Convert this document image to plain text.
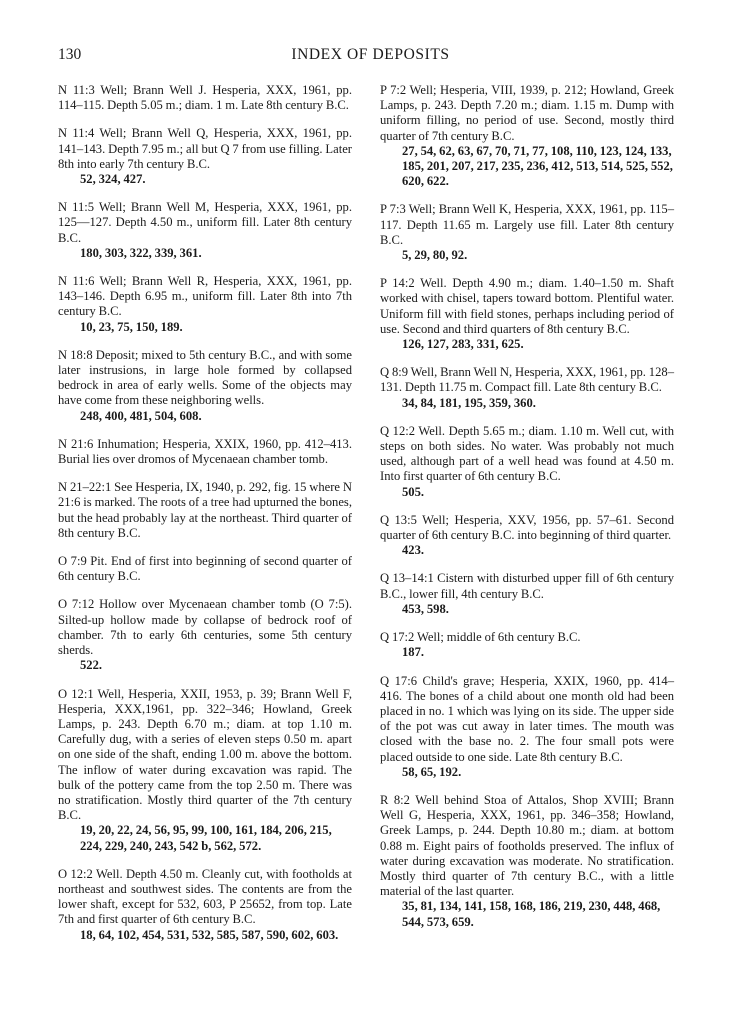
130	INDEX OF DEPOSITS
N 11:3 Well; Brann Well J. Hesperia, XXX, 1961, pp. 114–115. Depth 5.05 m.; diam. 1 m. Late 8th century B.C.
N 11:4 Well; Brann Well Q, Hesperia, XXX, 1961, pp. 141–143. Depth 7.95 m.; all but Q 7 from use filling. Later 8th into early 7th century B.C.
52, 324, 427.
N 11:5 Well; Brann Well M, Hesperia, XXX, 1961, pp. 125—127. Depth 4.50 m., uniform fill. Later 8th century B.C.
180, 303, 322, 339, 361.
N 11:6 Well; Brann Well R, Hesperia, XXX, 1961, pp. 143–146. Depth 6.95 m., uniform fill. Later 8th into 7th century B.C.
10, 23, 75, 150, 189.
N 18:8 Deposit; mixed to 5th century B.C., and with some later instrusions, in large hole formed by collapsed bedrock in area of early wells. Some of the objects may have come from these neighboring wells.
248, 400, 481, 504, 608.
N 21:6 Inhumation; Hesperia, XXIX, 1960, pp. 412–413. Burial lies over dromos of Mycenaean chamber tomb.
N 21–22:1 See Hesperia, IX, 1940, p. 292, fig. 15 where N 21:6 is marked. The roots of a tree had upturned the bones, but the head probably lay at the northeast. Third quarter of 8th century B.C.
O 7:9 Pit. End of first into beginning of second quarter of 6th century B.C.
O 7:12 Hollow over Mycenaean chamber tomb (O 7:5). Silted-up hollow made by collapse of bedrock roof of chamber. 7th to early 6th centuries, some 5th century sherds.
522.
O 12:1 Well, Hesperia, XXII, 1953, p. 39; Brann Well F, Hesperia, XXX,1961, pp. 322–346; Howland, Greek Lamps, p. 243. Depth 6.70 m.; diam. at top 1.10 m. Carefully dug, with a series of eleven steps 0.50 m. apart on one side of the shaft, ending 1.00 m. above the bottom. The inflow of water during excavation was rapid. The bulk of the pottery came from the top 2.50 m. There was no stratification. Mostly third quarter of the 7th century B.C.
19, 20, 22, 24, 56, 95, 99, 100, 161, 184, 206, 215, 224, 229, 240, 243, 542 b, 562, 572.
O 12:2 Well. Depth 4.50 m. Cleanly cut, with footholds at northeast and southwest sides. The contents are from the lower shaft, except for 532, 603, P 25652, from top. Late 7th and first quarter of 6th century B.C.
18, 64, 102, 454, 531, 532, 585, 587, 590, 602, 603.
P 7:2 Well; Hesperia, VIII, 1939, p. 212; Howland, Greek Lamps, p. 243. Depth 7.20 m.; diam. 1.15 m. Dump with uniform filling, no period of use. Second, mostly third quarter of 7th century B.C.
27, 54, 62, 63, 67, 70, 71, 77, 108, 110, 123, 124, 133, 185, 201, 207, 217, 235, 236, 412, 513, 514, 525, 552, 620, 622.
P 7:3 Well; Brann Well K, Hesperia, XXX, 1961, pp. 115–117. Depth 11.65 m. Largely use fill. Later 8th century B.C.
5, 29, 80, 92.
P 14:2 Well. Depth 4.90 m.; diam. 1.40–1.50 m. Shaft worked with chisel, tapers toward bottom. Plentiful water. Uniform fill with field stones, perhaps including period of use. Second and third quarters of 8th century B.C.
126, 127, 283, 331, 625.
Q 8:9 Well, Brann Well N, Hesperia, XXX, 1961, pp. 128–131. Depth 11.75 m. Compact fill. Late 8th century B.C.
34, 84, 181, 195, 359, 360.
Q 12:2 Well. Depth 5.65 m.; diam. 1.10 m. Well cut, with steps on both sides. No water. Was probably not much used, although part of a well head was found at 4.50 m. Into first quarter of 6th century B.C.
505.
Q 13:5 Well; Hesperia, XXV, 1956, pp. 57–61. Second quarter of 6th century B.C. into beginning of third quarter.
423.
Q 13–14:1 Cistern with disturbed upper fill of 6th century B.C., lower fill, 4th century B.C.
453, 598.
Q 17:2 Well; middle of 6th century B.C.
187.
Q 17:6 Child's grave; Hesperia, XXIX, 1960, pp. 414–416. The bones of a child about one month old had been placed in no. 1 which was lying on its side. The upper side of the pot was cut away in later times. The mouth was closed with the base no. 2. The four small pots were placed outside to one side. Late 8th century B.C.
58, 65, 192.
R 8:2 Well behind Stoa of Attalos, Shop XVIII; Brann Well G, Hesperia, XXX, 1961, pp. 346–358; Howland, Greek Lamps, p. 244. Depth 10.80 m.; diam. at bottom 0.88 m. Eight pairs of footholds preserved. The influx of water during excavation was moderate. No stratification. Mostly third quarter of 7th century B.C., with a little material of the last quarter.
35, 81, 134, 141, 158, 168, 186, 219, 230, 448, 468, 544, 573, 659.
